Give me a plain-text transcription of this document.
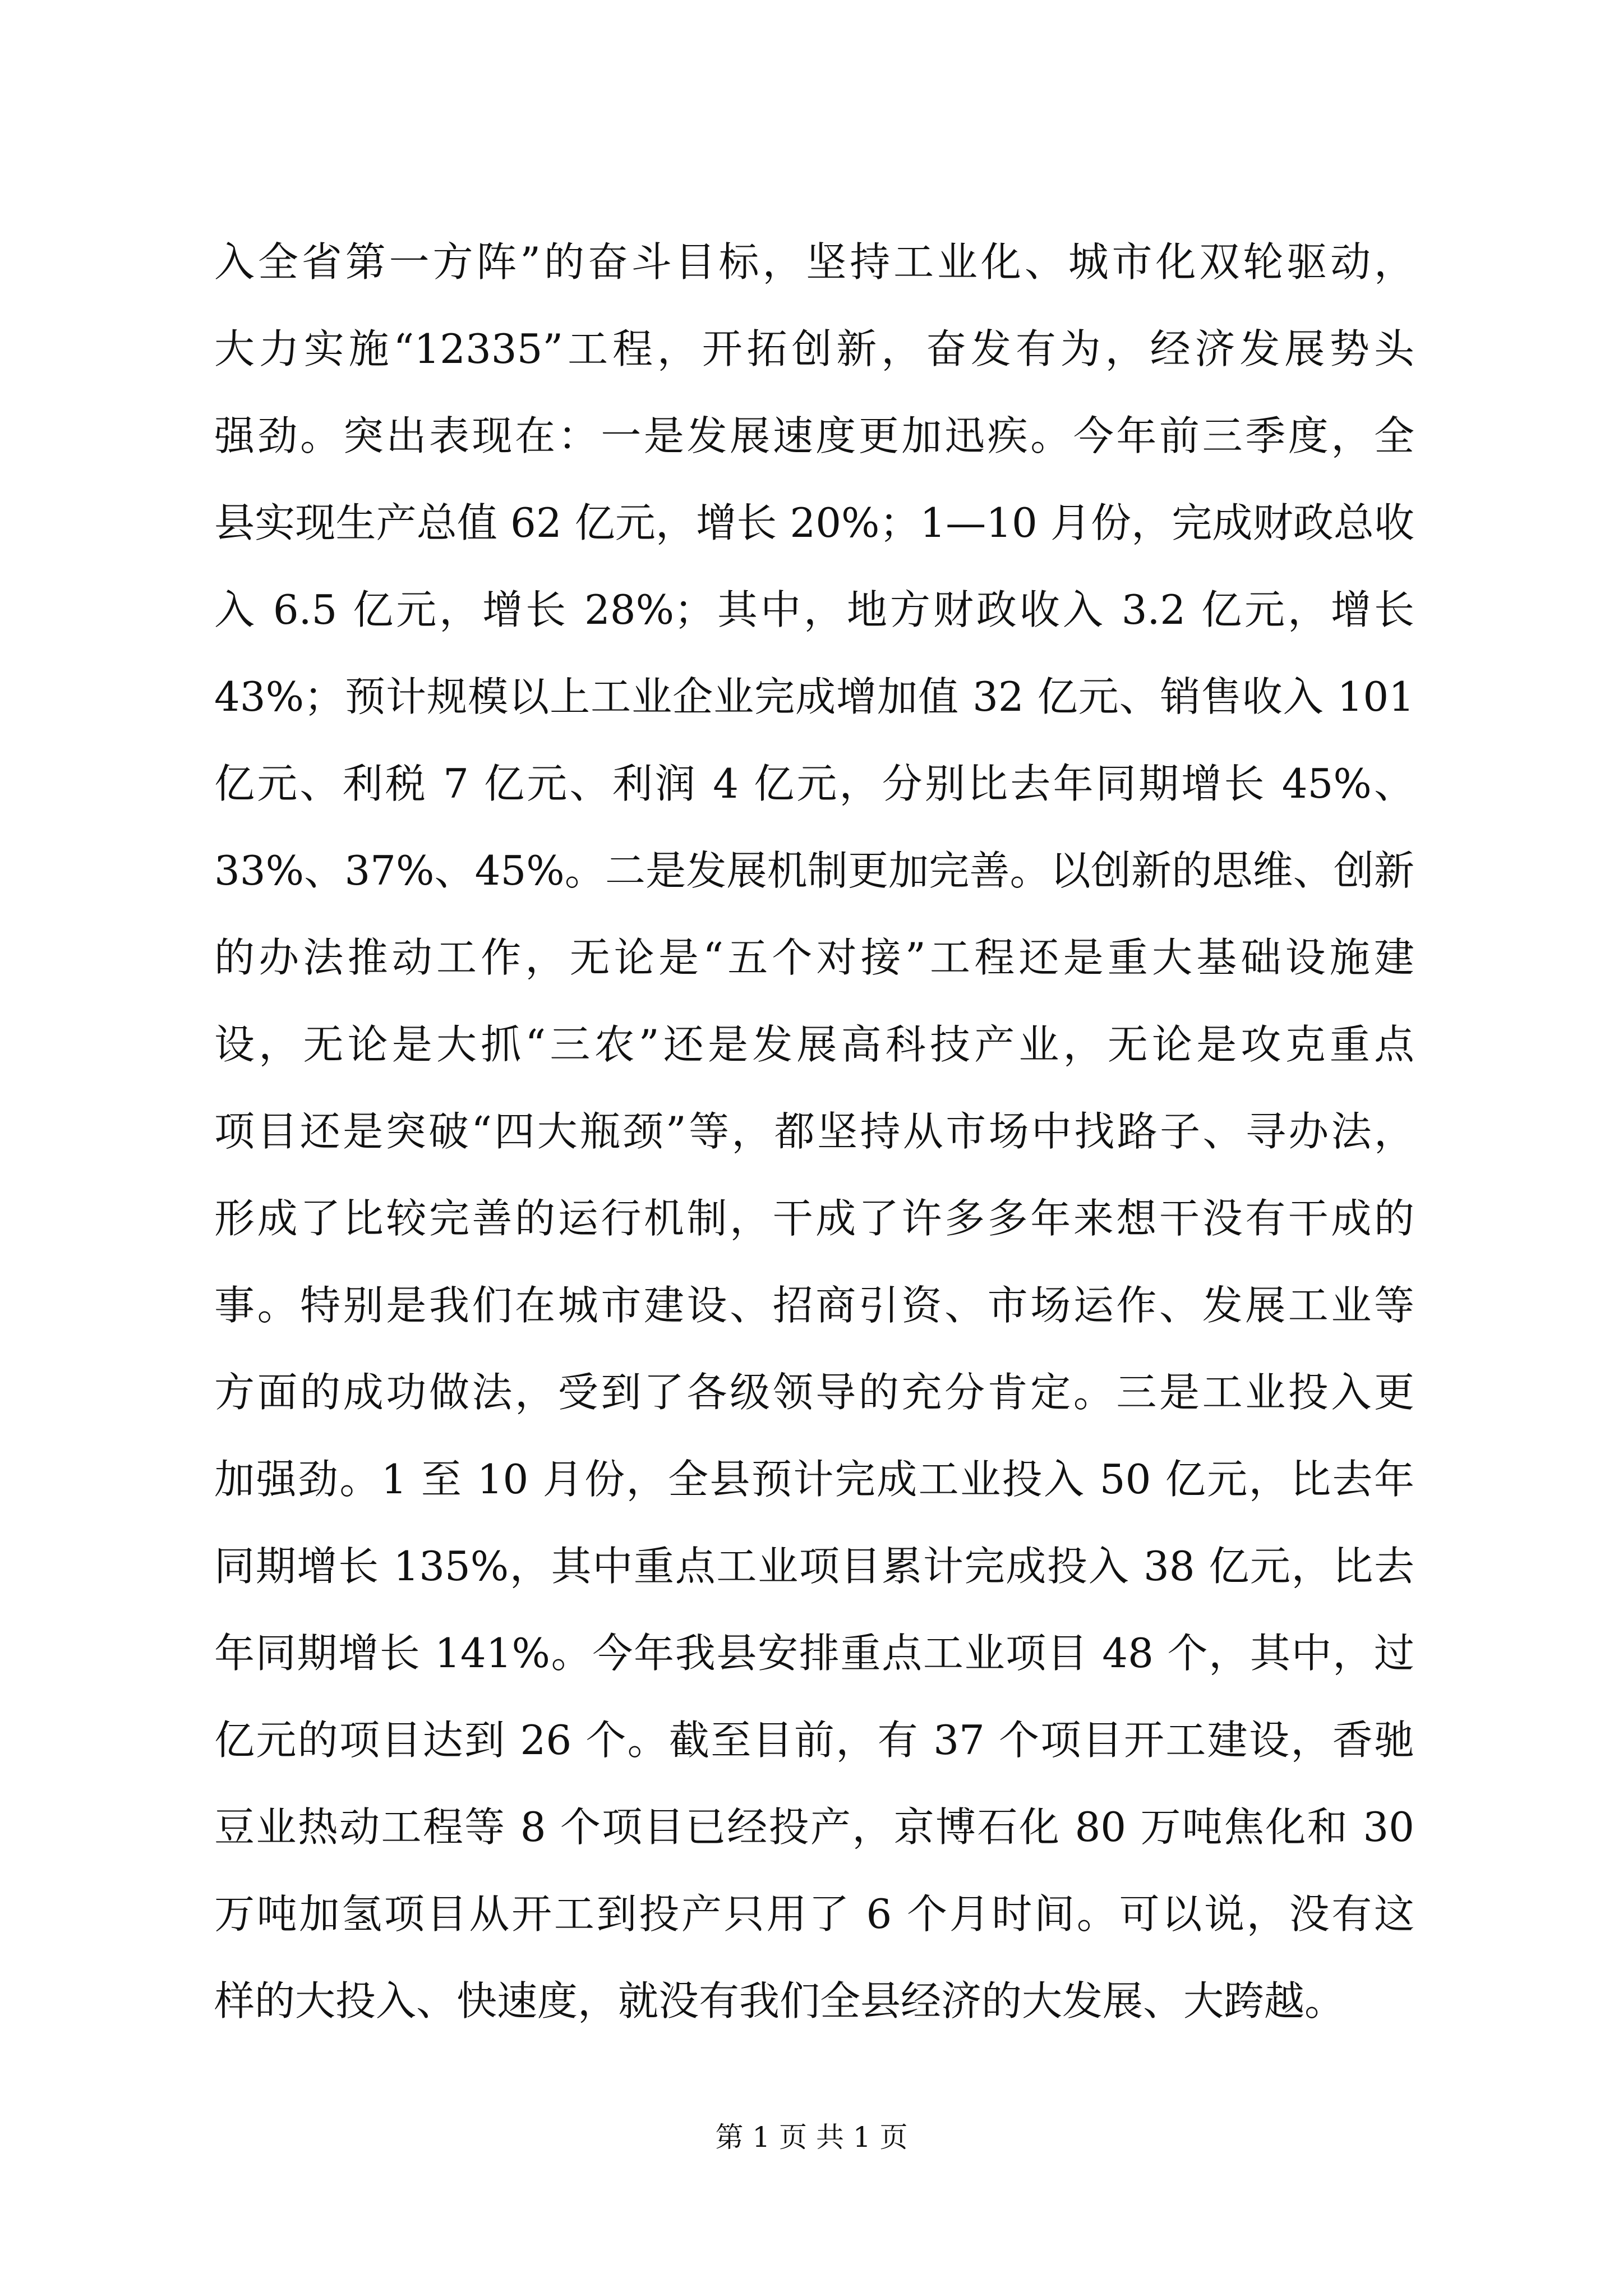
入全省第一方阵”的奋斗目标，坚持工业化、城市化双轮驱动，
大力实施“12335”工程，开拓创新，奋发有为，经济发展势头
强劲。突出表现在：一是发展速度更加迅疾。今年前三季度，全
县实现生产总值 62 亿元，增长 20%；1—10 月份，完成财政总收
入 6.5 亿元，增长 28%；其中，地方财政收入 3.2 亿元，增长
43%；预计规模以上工业企业完成增加值 32 亿元、销售收入 101
亿元、利税 7 亿元、利润 4 亿元，分别比去年同期增长 45%、
33%、37%、45%。二是发展机制更加完善。以创新的思维、创新
的办法推动工作，无论是“五个对接”工程还是重大基础设施建
设，无论是大抓“三农”还是发展高科技产业，无论是攻克重点
项目还是突破“四大瓶颈”等，都坚持从市场中找路子、寻办法，
形成了比较完善的运行机制，干成了许多多年来想干没有干成的
事。特别是我们在城市建设、招商引资、市场运作、发展工业等
方面的成功做法，受到了各级领导的充分肯定。三是工业投入更
加强劲。1 至 10 月份，全县预计完成工业投入 50 亿元，比去年
同期增长 135%，其中重点工业项目累计完成投入 38 亿元，比去
年同期增长 141%。今年我县安排重点工业项目 48 个，其中，过
亿元的项目达到 26 个。截至目前，有 37 个项目开工建设，香驰
豆业热动工程等 8 个项目已经投产，京博石化 80 万吨焦化和 30
万吨加氢项目从开工到投产只用了 6 个月时间。可以说，没有这
样的大投入、快速度，就没有我们全县经济的大发展、大跨越。
第 1 页 共 1 页
